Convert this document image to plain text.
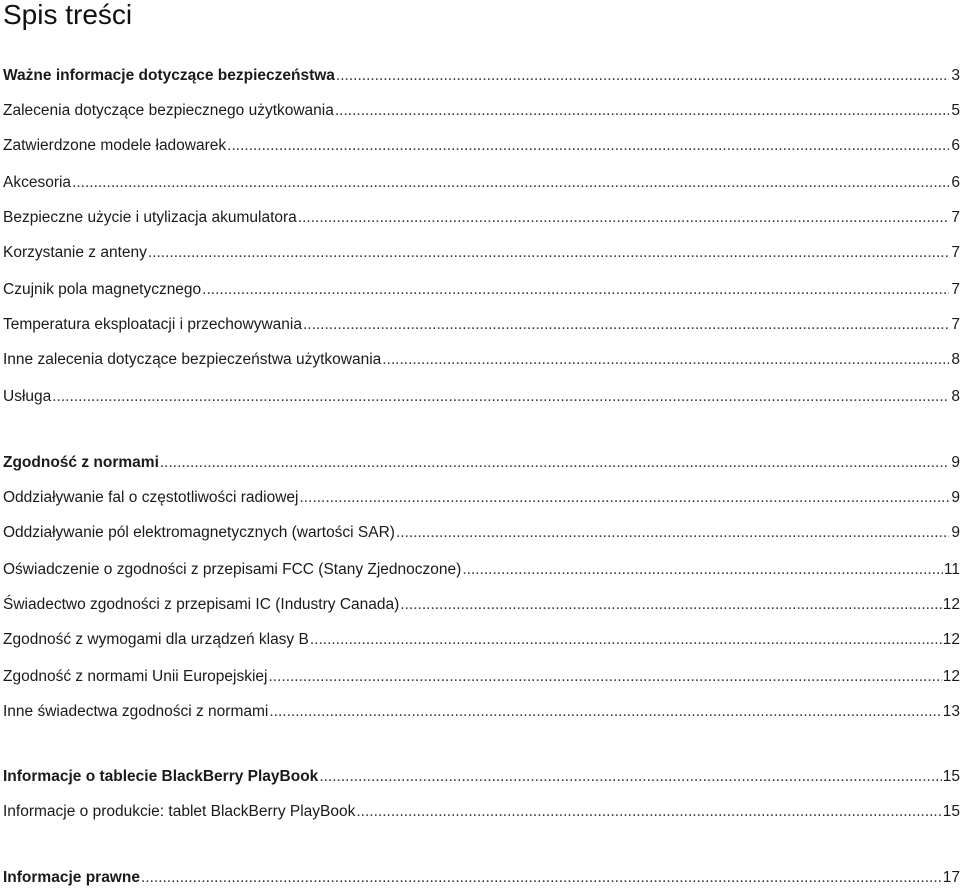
Spis treści
Ważne informacje dotyczące bezpieczeństwa .....	3
Zalecenia dotyczące bezpiecznego użytkowania .....	5
Zatwierdzone modele ładowarek .....	6
Akcesoria .....	6
Bezpieczne użycie i utylizacja akumulatora .....	7
Korzystanie z anteny .....	7
Czujnik pola magnetycznego .....	7
Temperatura eksploatacji i przechowywania .....	7
Inne zalecenia dotyczące bezpieczeństwa użytkowania .....	8
Usługa .....	8
Zgodność z normami .....	9
Oddziaływanie fal o częstotliwości radiowej .....	9
Oddziaływanie pól elektromagnetycznych (wartości SAR) .....	9
Oświadczenie o zgodności z przepisami FCC (Stany Zjednoczone) .....	11
Świadectwo zgodności z przepisami IC (Industry Canada) .....	12
Zgodność z wymogami dla urządzeń klasy B .....	12
Zgodność z normami Unii Europejskiej .....	12
Inne świadectwa zgodności z normami .....	13
Informacje o tablecie BlackBerry PlayBook .....	15
Informacje o produkcie: tablet BlackBerry PlayBook .....	15
Informacje prawne .....	17
